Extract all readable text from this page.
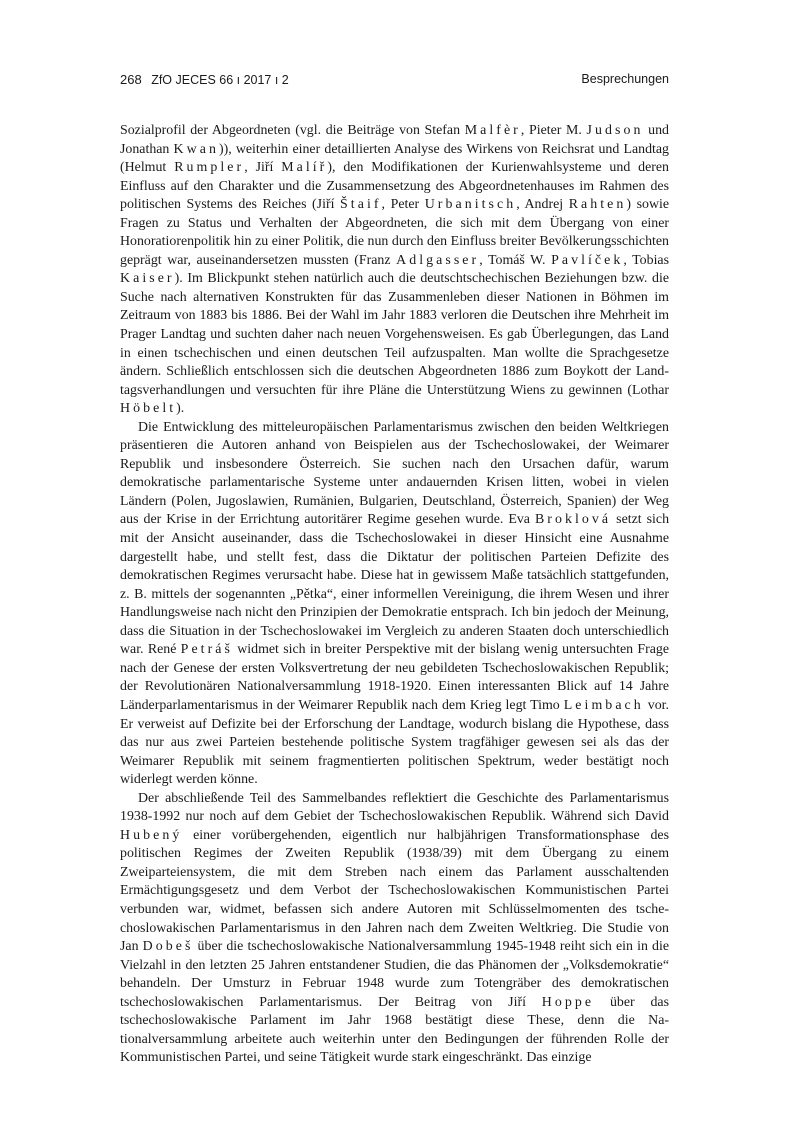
268 ZfO JECES 66 ı 2017 ı 2	Besprechungen

Sozialprofil der Abgeordneten (vgl. die Beiträge von Stefan Malfèr, Pieter M. Judson und Jonathan Kwan)), weiterhin einer detaillierten Analyse des Wirkens von Reichsrat und Landtag (Helmut Rumpler, Jiří Malíř), den Modifikationen der Kurienwahlsysteme und deren Einfluss auf den Charakter und die Zusammensetzung des Abgeordnetenhauses im Rahmen des politischen Systems des Reiches (Jiří Štaif, Peter Urbanitsch, Andrej Rahten) sowie Fragen zu Status und Verhalten der Abgeordneten, die sich mit dem Übergang von einer Honoratiorenpolitik hin zu einer Politik, die nun durch den Einfluss breiter Bevölkerungsschichten geprägt war, auseinandersetzen mussten (Franz Adlgasser, Tomáš W. Pavlíček, Tobias Kaiser). Im Blickpunkt stehen natürlich auch die deutschtschechischen Beziehungen bzw. die Suche nach alternativen Konstrukten für das Zusammenleben dieser Nationen in Böhmen im Zeitraum von 1883 bis 1886. Bei der Wahl im Jahr 1883 verloren die Deutschen ihre Mehrheit im Prager Landtag und suchten daher nach neuen Vorgehensweisen. Es gab Überlegungen, das Land in einen tschechischen und einen deutschen Teil aufzuspalten. Man wollte die Sprachgesetze ändern. Schließlich entschlossen sich die deutschen Abgeordneten 1886 zum Boykott der Landtagsverhandlungen und versuchten für ihre Pläne die Unterstützung Wiens zu gewinnen (Lothar Höbelt).

Die Entwicklung des mitteleuropäischen Parlamentarismus zwischen den beiden Weltkriegen präsentieren die Autoren anhand von Beispielen aus der Tschechoslowakei, der Weimarer Republik und insbesondere Österreich. Sie suchen nach den Ursachen dafür, warum demokratische parlamentarische Systeme unter andauernden Krisen litten, wobei in vielen Ländern (Polen, Jugoslawien, Rumänien, Bulgarien, Deutschland, Österreich, Spanien) der Weg aus der Krise in der Errichtung autoritärer Regime gesehen wurde. Eva Broklová setzt sich mit der Ansicht auseinander, dass die Tschechoslowakei in dieser Hinsicht eine Ausnahme dargestellt habe, und stellt fest, dass die Diktatur der politischen Parteien Defizite des demokratischen Regimes verursacht habe. Diese hat in gewissem Maße tatsächlich stattgefunden, z. B. mittels der sogenannten „Pětka“, einer informellen Vereinigung, die ihrem Wesen und ihrer Handlungsweise nach nicht den Prinzipien der Demokratie entsprach. Ich bin jedoch der Meinung, dass die Situation in der Tschechoslowakei im Vergleich zu anderen Staaten doch unterschiedlich war. René Petráš widmet sich in breiter Perspektive mit der bislang wenig untersuchten Frage nach der Genese der ersten Volksvertretung der neu gebildeten Tschechoslowakischen Republik; der Revolutionären Nationalversammlung 1918-1920. Einen interessanten Blick auf 14 Jahre Länderparlamentarismus in der Weimarer Republik nach dem Krieg legt Timo Leimbach vor. Er verweist auf Defizite bei der Erforschung der Landtage, wodurch bislang die Hypothese, dass das nur aus zwei Parteien bestehende politische System tragfähiger gewesen sei als das der Weimarer Republik mit seinem fragmentierten politischen Spektrum, weder bestätigt noch widerlegt werden könne.

Der abschließende Teil des Sammelbandes reflektiert die Geschichte des Parlamentarismus 1938-1992 nur noch auf dem Gebiet der Tschechoslowakischen Republik. Während sich David Hubený einer vorübergehenden, eigentlich nur halbjährigen Transformationsphase des politischen Regimes der Zweiten Republik (1938/39) mit dem Übergang zu einem Zweiparteiensystem, die mit dem Streben nach einem das Parlament ausschaltenden Ermächtigungsgesetz und dem Verbot der Tschechoslowakischen Kommunistischen Partei verbunden war, widmet, befassen sich andere Autoren mit Schlüsselmomenten des tschechoslowakischen Parlamentarismus in den Jahren nach dem Zweiten Weltkrieg. Die Studie von Jan Dobeš über die tschechoslowakische Nationalversammlung 1945-1948 reiht sich ein in die Vielzahl in den letzten 25 Jahren entstandener Studien, die das Phänomen der „Volksdemokratie“ behandeln. Der Umsturz in Februar 1948 wurde zum Totengräber des demokratischen tschechoslowakischen Parlamentarismus. Der Beitrag von Jiří Hoppe über das tschechoslowakische Parlament im Jahr 1968 bestätigt diese These, denn die Nationalversammlung arbeitete auch weiterhin unter den Bedingungen der führenden Rolle der Kommunistischen Partei, und seine Tätigkeit wurde stark eingeschränkt. Das einzige
